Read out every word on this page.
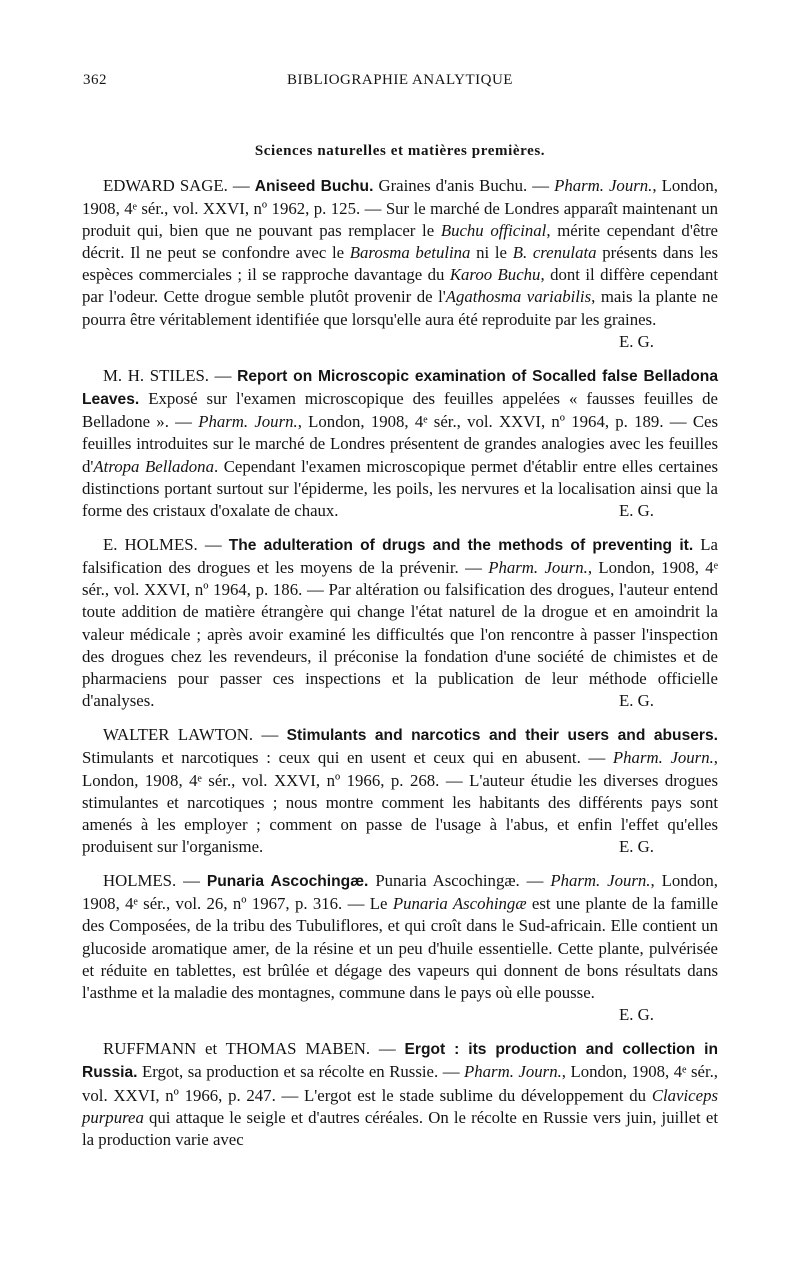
362	BIBLIOGRAPHIE ANALYTIQUE
Sciences naturelles et matières premières.

EDWARD SAGE. — Aniseed Buchu. Graines d'anis Buchu. — Pharm. Journ., London, 1908, 4ᵉ sér., vol. XXVI, nº 1962, p. 125. — Sur le marché de Londres apparaît maintenant un produit qui, bien que ne pouvant pas remplacer le Buchu officinal, mérite cependant d'être décrit. Il ne peut se confondre avec le Barosma betulina ni le B. crenulata présents dans les espèces commerciales ; il se rapproche davantage du Karoo Buchu, dont il diffère cependant par l'odeur. Cette drogue semble plutôt provenir de l'Agathosma variabilis, mais la plante ne pourra être véritablement identifiée que lorsqu'elle aura été reproduite par les graines.
E. G.

M. H. STILES. — Report on Microscopic examination of Socalled false Belladona Leaves. Exposé sur l'examen microscopique des feuilles appelées « fausses feuilles de Belladone ». — Pharm. Journ., London, 1908, 4ᵉ sér., vol. XXVI, nº 1964, p. 189. — Ces feuilles introduites sur le marché de Londres présentent de grandes analogies avec les feuilles d'Atropa Belladona. Cependant l'examen microscopique permet d'établir entre elles certaines distinctions portant surtout sur l'épiderme, les poils, les nervures et la localisation ainsi que la forme des cristaux d'oxalate de chaux.	E. G.

E. HOLMES. — The adulteration of drugs and the methods of preventing it. La falsification des drogues et les moyens de la prévenir. — Pharm. Journ., London, 1908, 4ᵉ sér., vol. XXVI, nº 1964, p. 186. — Par altération ou falsification des drogues, l'auteur entend toute addition de matière étrangère qui change l'état naturel de la drogue et en amoindrit la valeur médicale ; après avoir examiné les difficultés que l'on rencontre à passer l'inspection des drogues chez les revendeurs, il préconise la fondation d'une société de chimistes et de pharmaciens pour passer ces inspections et la publication de leur méthode officielle d'analyses.	E. G.

WALTER LAWTON. — Stimulants and narcotics and their users and abusers. Stimulants et narcotiques : ceux qui en usent et ceux qui en abusent. — Pharm. Journ., London, 1908, 4ᵉ sér., vol. XXVI, nº 1966, p. 268. — L'auteur étudie les diverses drogues stimulantes et narcotiques ; nous montre comment les habitants des différents pays sont amenés à les employer ; comment on passe de l'usage à l'abus, et enfin l'effet qu'elles produisent sur l'organisme.	E. G.

HOLMES. — Punaria Ascochingæ. Punaria Ascochingæ. — Pharm. Journ., London, 1908, 4ᵉ sér., vol. 26, nº 1967, p. 316. — Le Punaria Ascohingæ est une plante de la famille des Composées, de la tribu des Tubuliflores, et qui croît dans le Sud-africain. Elle contient un glucoside aromatique amer, de la résine et un peu d'huile essentielle. Cette plante, pulvérisée et réduite en tablettes, est brûlée et dégage des vapeurs qui donnent de bons résultats dans l'asthme et la maladie des montagnes, commune dans le pays où elle pousse.
E. G.

RUFFMANN et THOMAS MABEN. — Ergot : its production and collection in Russia. Ergot, sa production et sa récolte en Russie. — Pharm. Journ., London, 1908, 4ᵉ sér., vol. XXVI, nº 1966, p. 247. — L'ergot est le stade sublime du développement du Claviceps purpurea qui attaque le seigle et d'autres céréales. On le récolte en Russie vers juin, juillet et la production varie avec
